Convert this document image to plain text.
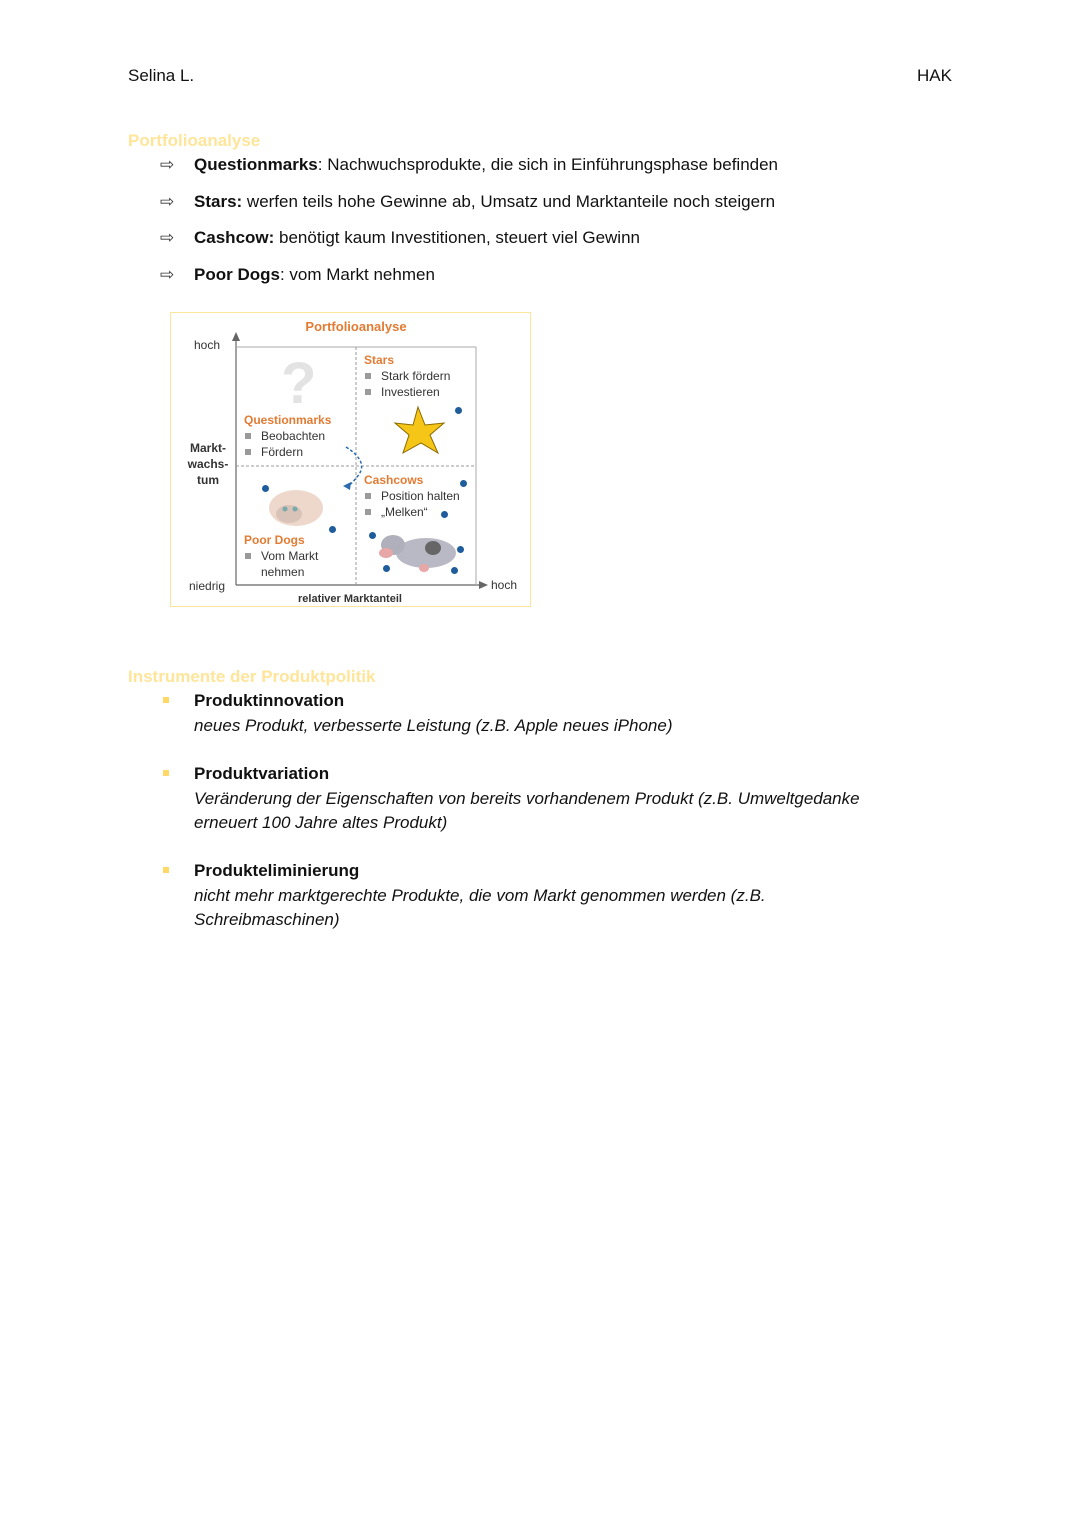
Selina L.	HAK
Portfolioanalyse
⇨ Questionmarks: Nachwuchsprodukte, die sich in Einführungsphase befinden
⇨ Stars: werfen teils hohe Gewinne ab, Umsatz und Marktanteile noch steigern
⇨ Cashcow: benötigt kaum Investitionen, steuert viel Gewinn
⇨ Poor Dogs: vom Markt nehmen
?
Portfolioanalyse
hoch
niedrig
Markt-
wachs-
tum
hoch
relativer Marktanteil
Stars
Stark fördern
Investieren
Questionmarks
Beobachten
Fördern
Cashcows
Position halten
„Melken“
Poor Dogs
Vom Markt
nehmen
Instrumente der Produktpolitik
Produktinnovation
neues Produkt, verbesserte Leistung (z.B. Apple neues iPhone)
Produktvariation
Veränderung der Eigenschaften von bereits vorhandenem Produkt (z.B. Umweltgedanke erneuert 100 Jahre altes Produkt)
Produkteliminierung
nicht mehr marktgerechte Produkte, die vom Markt genommen werden (z.B. Schreibmaschinen)
